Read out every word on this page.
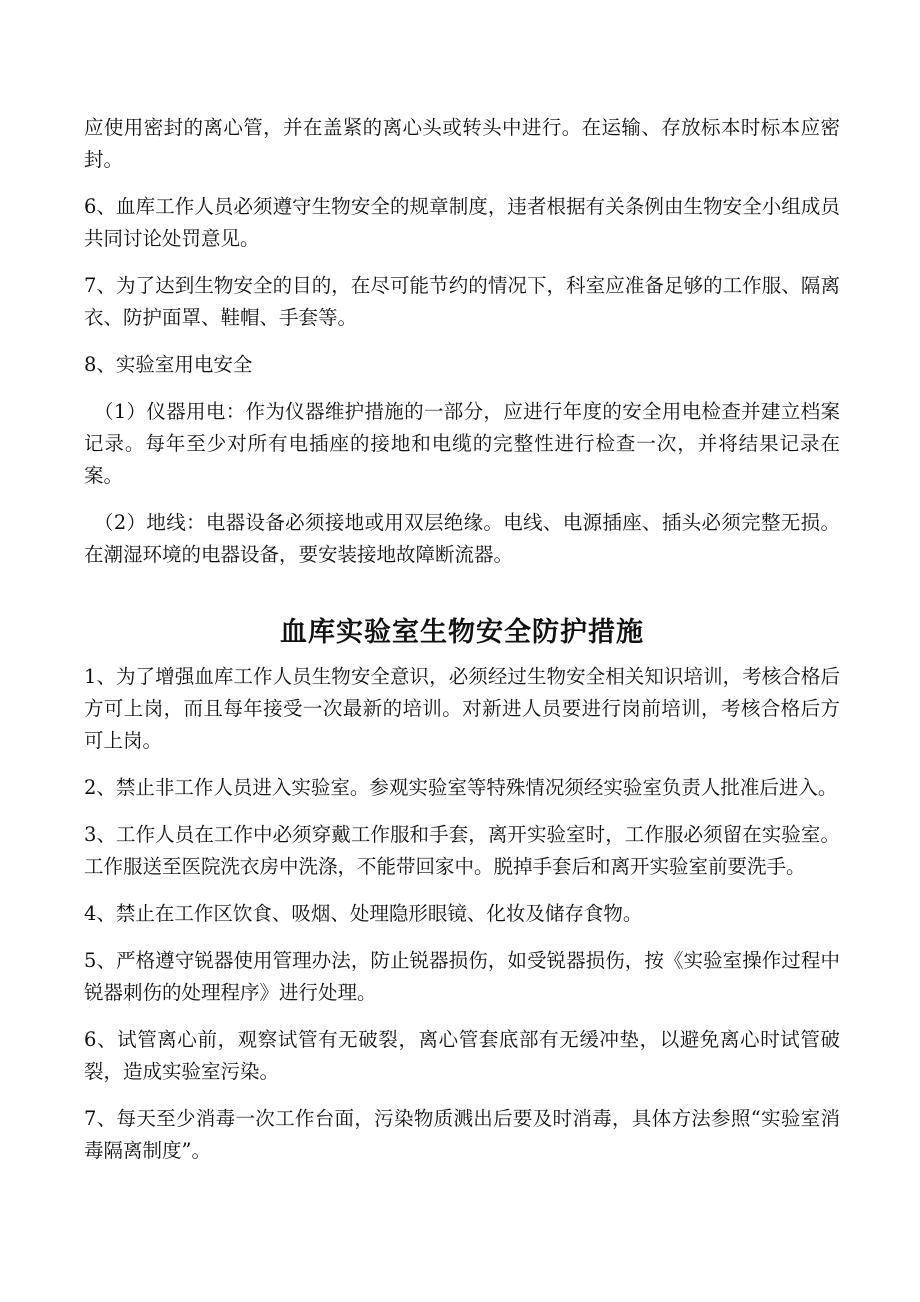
应使用密封的离心管，并在盖紧的离心头或转头中进行。在运输、存放标本时标本应密封。

6、血库工作人员必须遵守生物安全的规章制度，违者根据有关条例由生物安全小组成员共同讨论处罚意见。

7、为了达到生物安全的目的，在尽可能节约的情况下，科室应准备足够的工作服、隔离衣、防护面罩、鞋帽、手套等。

8、实验室用电安全

（1）仪器用电：作为仪器维护措施的一部分，应进行年度的安全用电检查并建立档案记录。每年至少对所有电插座的接地和电缆的完整性进行检查一次，并将结果记录在案。

（2）地线：电器设备必须接地或用双层绝缘。电线、电源插座、插头必须完整无损。在潮湿环境的电器设备，要安装接地故障断流器。

血库实验室生物安全防护措施

1、为了增强血库工作人员生物安全意识，必须经过生物安全相关知识培训，考核合格后方可上岗，而且每年接受一次最新的培训。对新进人员要进行岗前培训，考核合格后方可上岗。

2、禁止非工作人员进入实验室。参观实验室等特殊情况须经实验室负责人批准后进入。

3、工作人员在工作中必须穿戴工作服和手套，离开实验室时，工作服必须留在实验室。工作服送至医院洗衣房中洗涤，不能带回家中。脱掉手套后和离开实验室前要洗手。

4、禁止在工作区饮食、吸烟、处理隐形眼镜、化妆及储存食物。

5、严格遵守锐器使用管理办法，防止锐器损伤，如受锐器损伤，按《实验室操作过程中锐器刺伤的处理程序》进行处理。

6、试管离心前，观察试管有无破裂，离心管套底部有无缓冲垫，以避免离心时试管破裂，造成实验室污染。

7、每天至少消毒一次工作台面，污染物质溅出后要及时消毒，具体方法参照“实验室消毒隔离制度”。
